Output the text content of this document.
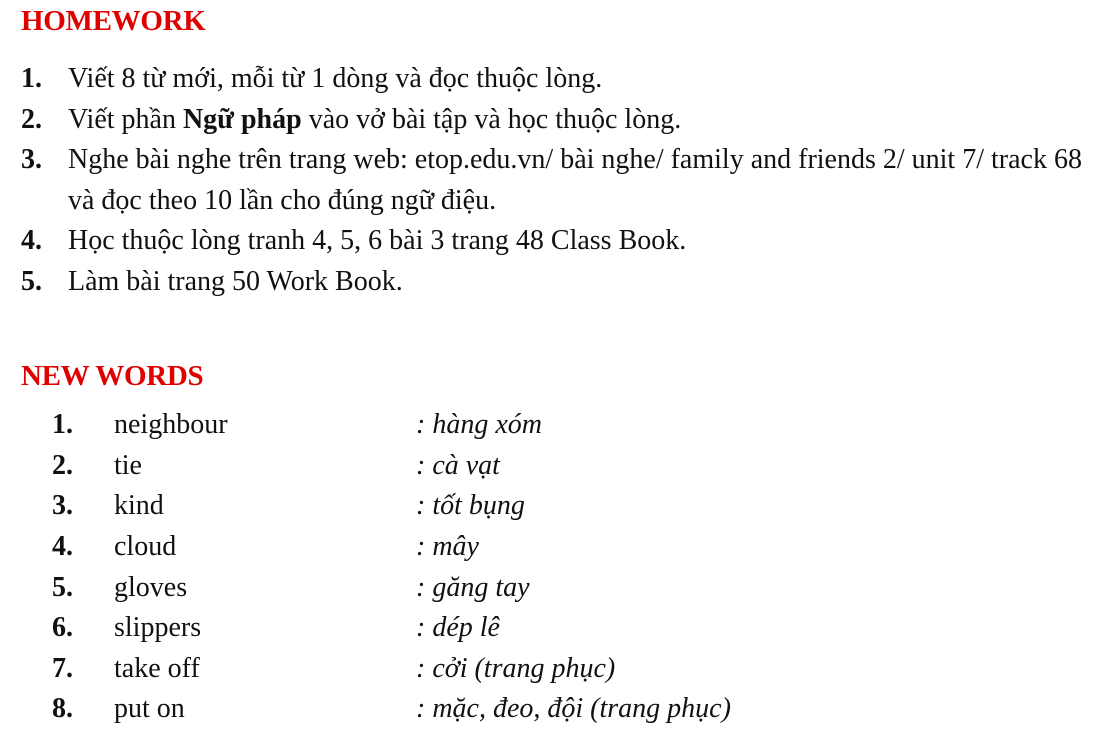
HOMEWORK
1. Viết 8 từ mới, mỗi từ 1 dòng và đọc thuộc lòng.
2. Viết phần Ngữ pháp vào vở bài tập và học thuộc lòng.
3. Nghe bài nghe trên trang web: etop.edu.vn/ bài nghe/ family and friends 2/ unit 7/ track 68 và đọc theo 10 lần cho đúng ngữ điệu.
4. Học thuộc lòng tranh 4, 5, 6 bài 3 trang 48 Class Book.
5. Làm bài trang 50 Work Book.
NEW WORDS
1.	neighbour	: hàng xóm
2.	tie	: cà vạt
3.	kind	: tốt bụng
4.	cloud	: mây
5.	gloves	: găng tay
6.	slippers	: dép lê
7.	take off	: cởi (trang phục)
8.	put on	: mặc, đeo, đội (trang phục)
